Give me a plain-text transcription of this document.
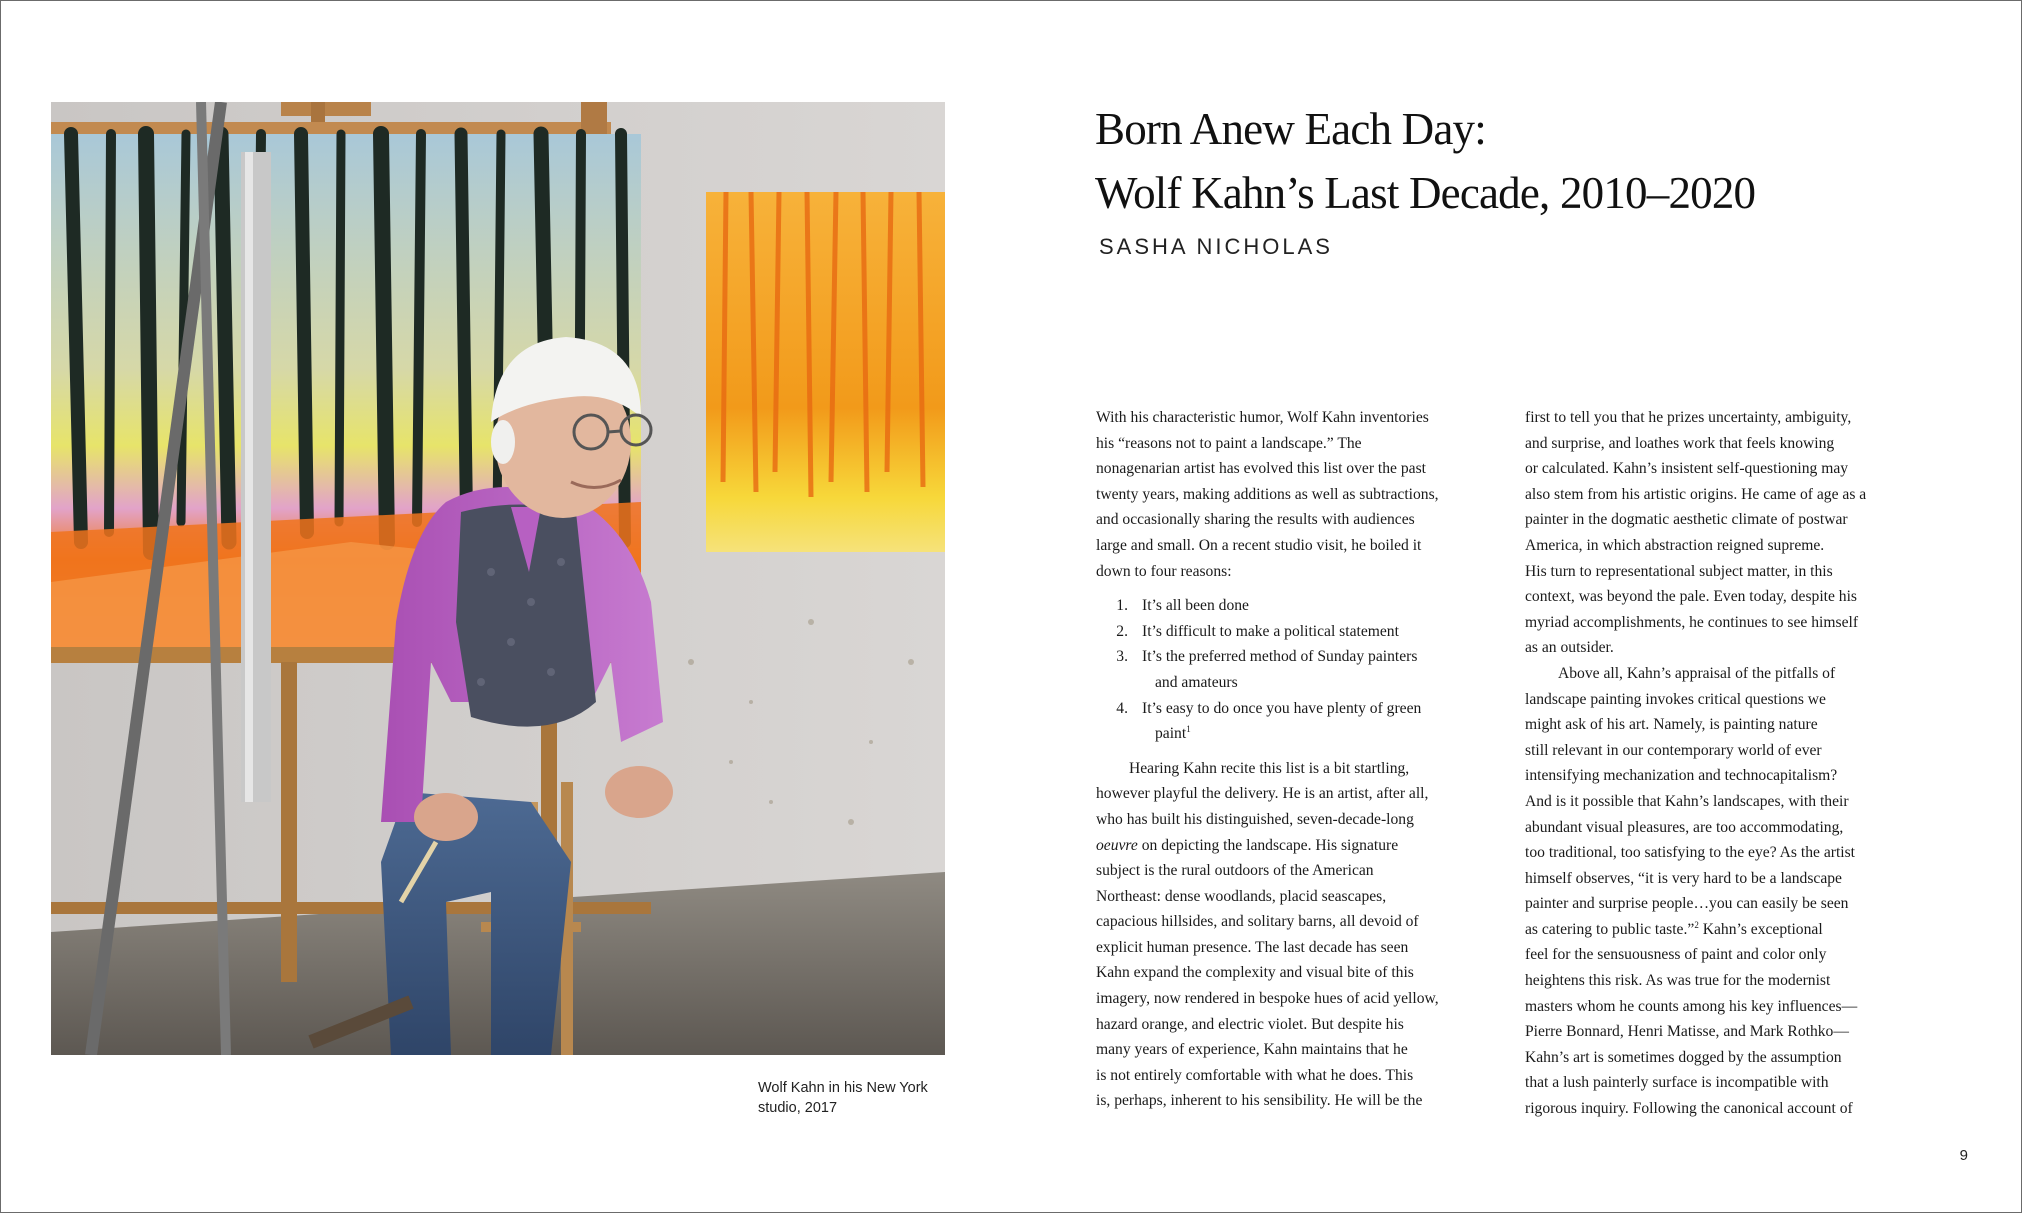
Wolf Kahn in his New York
studio, 2017
Born Anew Each Day:
Wolf Kahn’s Last Decade, 2010–2020
SASHA NICHOLAS

With his characteristic humor, Wolf Kahn inventories
his “reasons not to paint a landscape.” The
nonagenarian artist has evolved this list over the past
twenty years, making additions as well as subtractions,
and occasionally sharing the results with audiences
large and small. On a recent studio visit, he boiled it
down to four reasons:

1. It’s all been done
2. It’s difficult to make a political statement
3. It’s the preferred method of Sunday painters
and amateurs
4. It’s easy to do once you have plenty of green
paint$^1$

Hearing Kahn recite this list is a bit startling,
however playful the delivery. He is an artist, after all,
who has built his distinguished, seven-decade-long
oeuvre on depicting the landscape. His signature
subject is the rural outdoors of the American
Northeast: dense woodlands, placid seascapes,
capacious hillsides, and solitary barns, all devoid of
explicit human presence. The last decade has seen
Kahn expand the complexity and visual bite of this
imagery, now rendered in bespoke hues of acid yellow,
hazard orange, and electric violet. But despite his
many years of experience, Kahn maintains that he
is not entirely comfortable with what he does. This
is, perhaps, inherent to his sensibility. He will be the

first to tell you that he prizes uncertainty, ambiguity,
and surprise, and loathes work that feels knowing
or calculated. Kahn’s insistent self-questioning may
also stem from his artistic origins. He came of age as a
painter in the dogmatic aesthetic climate of postwar
America, in which abstraction reigned supreme.
His turn to representational subject matter, in this
context, was beyond the pale. Even today, despite his
myriad accomplishments, he continues to see himself
as an outsider.

Above all, Kahn’s appraisal of the pitfalls of
landscape painting invokes critical questions we
might ask of his art. Namely, is painting nature
still relevant in our contemporary world of ever
intensifying mechanization and technocapitalism?
And is it possible that Kahn’s landscapes, with their
abundant visual pleasures, are too accommodating,
too traditional, too satisfying to the eye? As the artist
himself observes, “it is very hard to be a landscape
painter and surprise people…you can easily be seen
as catering to public taste.”$^2$ Kahn’s exceptional
feel for the sensuousness of paint and color only
heightens this risk. As was true for the modernist
masters whom he counts among his key influences—
Pierre Bonnard, Henri Matisse, and Mark Rothko—
Kahn’s art is sometimes dogged by the assumption
that a lush painterly surface is incompatible with
rigorous inquiry. Following the canonical account of

9
